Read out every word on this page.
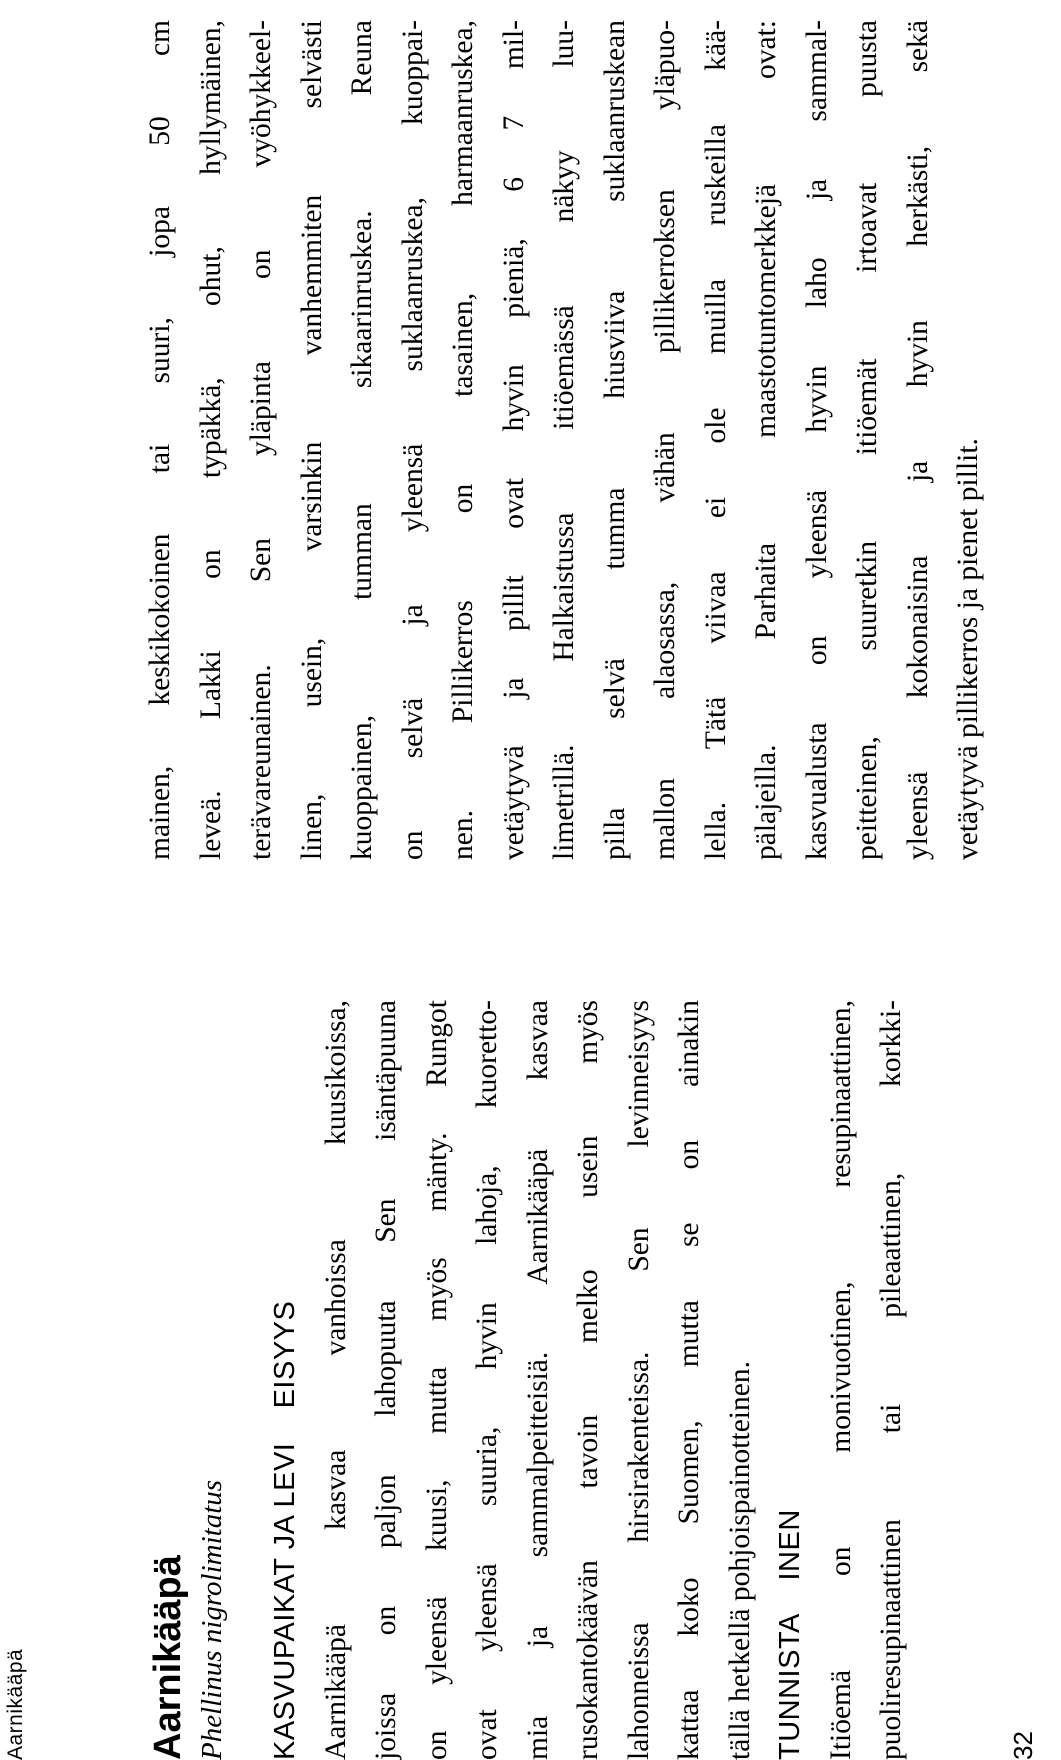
Aarnikääpä	Aarnikääpä Phellinus nigrolimitatus	KASVUPAIKAT JA LEVI    EISYYS Aarnikääpä kasvaa vanhoissa kuusikoissa, joissa on paljon lahopuuta Sen isäntäpuuna on yleensä kuusi, mutta myös mänty. Rungot ovat yleensä suuria, hyvin lahoja, kuoretto- mia ja sammalpeitteisiä. Aarnikääpä kasvaa rusokantokäävän tavoin melko usein myös lahonneissa hirsirakenteissa. Sen levinneisyys kattaa koko Suomen, mutta se on ainakin tällä hetkellä pohjoispainotteinen. TUNNISTA    INEN Itiöemä on monivuotinen, resupinaattinen, puoliresupinaattinen tai pileaattinen, korkki-
mainen, keskikokoinen tai suuri, jopa 50 cm leveä. Lakki on typäkkä, ohut, hyllymäinen, terävareunainen. Sen yläpinta on vyöhykkeel- linen, usein, varsinkin vanhemmiten selvästi kuoppainen, tumman sikaarinruskea. Reuna on selvä ja yleensä suklaanruskea, kuoppai- nen. Pillikerros on tasainen, harmaanruskea, vetäytyvä ja pillit ovat hyvin pieniä, 6 7 mil- limetrillä. Halkaistussa itiöemässä näkyy luu- pilla selvä tumma hiusviiva suklaanruskean mallon alaosassa, vähän pillikerroksen yläpuo- lella. Tätä viivaa ei ole muilla ruskeilla kää- pälajeilla. Parhaita maastotuntomerkkejä ovat: kasvualusta on yleensä hyvin laho ja sammal- peitteinen, suuretkin itiöemät irtoavat puusta yleensä kokonaisina ja hyvin herkästi, sekä vetäytyvä pillikerros ja pienet pillit.
32
